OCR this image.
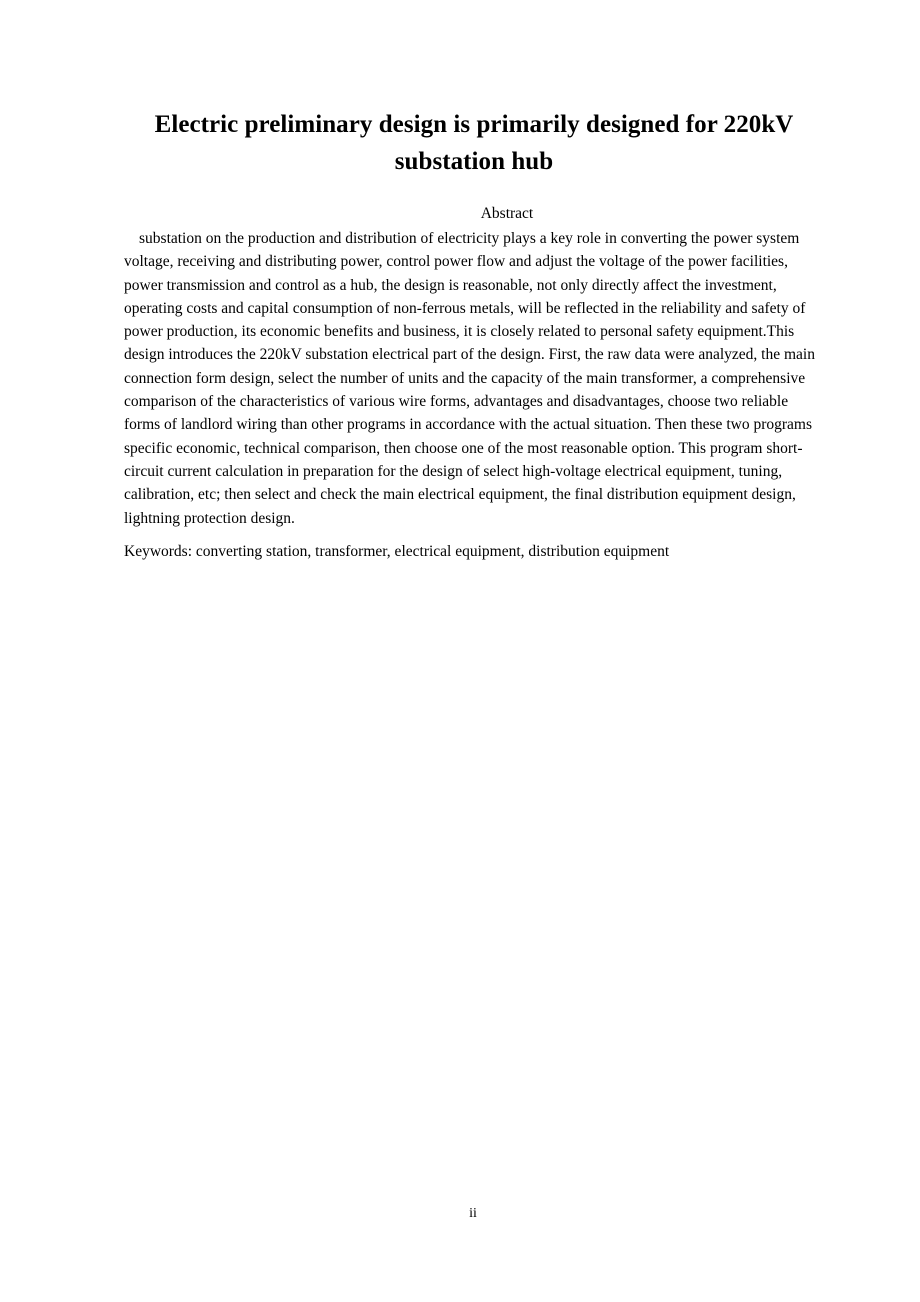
Electric preliminary design is primarily designed for 220kV
substation hub

Abstract

substation on the production and distribution of electricity plays a key role in converting the power system voltage, receiving and distributing power, control power flow and adjust the voltage of the power facilities, power transmission and control as a hub, the design is reasonable, not only directly affect the investment, operating costs and capital consumption of non-ferrous metals, will be reflected in the reliability and safety of power production, its economic benefits and business, it is closely related to personal safety equipment.This design introduces the 220kV substation electrical part of the design. First, the raw data were analyzed, the main connection form design, select the number of units and the capacity of the main transformer, a comprehensive comparison of the characteristics of various wire forms, advantages and disadvantages, choose two reliable forms of landlord wiring than other programs in accordance with the actual situation. Then these two programs specific economic, technical comparison, then choose one of the most reasonable option. This program short-circuit current calculation in preparation for the design of select high-voltage electrical equipment, tuning, calibration, etc; then select and check the main electrical equipment, the final distribution equipment design, lightning protection design.

Keywords: converting station, transformer, electrical equipment, distribution equipment

ii
